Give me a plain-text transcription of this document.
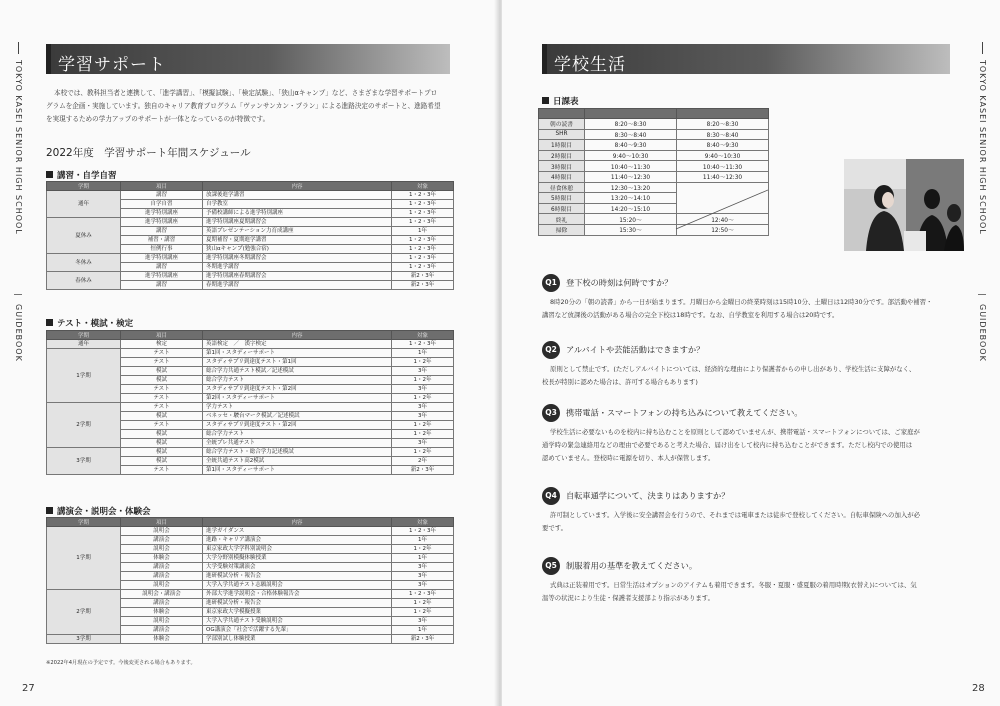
TOKYO KASEI SENIOR HIGH SCHOOL
|
GUIDEBOOK
学習サポート
本校では、教科担当者と連携して、「進学講習」、「模擬試験」、「検定試験」、「狭山αキャンプ」など、さまざまな学習サポートプロ
グラムを企画・実施しています。独自のキャリア教育プログラム「ヴァンサンカン・プラン」による進路決定のサポートと、進路希望
を実現するための学力アップのサポートが一体となっているのが特徴です。
2022年度　学習サポート年間スケジュール
講習・自学自習
学期	項目	内容	対象
通年	講習	放課後進学講習	1・2・3年
	自学自習	自学教室	1・2・3年
	進学特別講座	予備校講師による進学特別講座	1・2・3年
夏休み	進学特別講座	進学特別講座夏期講習会	1・2・3年
	講習	英語プレゼンテーション力育成講座	1年
	補習・講習	夏期補習・夏期進学講習	1・2・3年
	恒例行事	狭山αキャンプ(勉強合宿)	1・2・3年
冬休み	進学特別講座	進学特別講座冬期講習会	1・2・3年
	講習	冬期進学講習	1・2・3年
春休み	進学特別講座	進学特別講座春期講習会	新2・3年
	講習	春期進学講習	新2・3年
テスト・模試・検定
学期	項目	内容	対象
通年	検定	英語検定　／　漢字検定	1・2・3年
1学期	テスト	第1回・スタディーサポート	1年
	テスト	スタディサプリ到達度テスト・第1回	1・2年
	模試	総合学力共通テスト模試／記述模試	3年
	模試	総合学力テスト	1・2年
	テスト	スタディサプリ到達度テスト・第2回	3年
	テスト	第2回・スタディーサポート	1・2年
2学期	テスト	学力テスト	3年
	模試	ベネッセ・駿台マーク模試／記述模試	3年
	テスト	スタディサプリ到達度テスト・第2回	1・2年
	模試	総合学力テスト	1・2年
	模試	全統プレ共通テスト	3年
3学期	模試	総合学力テスト・総合学力記述模試	1・2年
	模試	全統共通テスト高2模試	2年
	テスト	第1回・スタディーサポート	新2・3年
講演会・説明会・体験会
学期	項目	内容	対象
1学期	説明会	進学ガイダンス	1・2・3年
	講演会	進路・キャリア講演会	1年
	説明会	東京家政大学学科別説明会	1・2年
	体験会	大学分野別模擬体験授業	1年
	講演会	大学受験対策講演会	3年
	講演会	進研模試分析・報告会	3年
	説明会	大学入学共通テスト志願説明会	3年
2学期	説明会・講演会	外部大学進学説明会・合格体験報告会	1・2・3年
	講演会	進研模試分析・報告会	1・2年
	体験会	東京家政大学模擬授業	1・2年
	説明会	大学入学共通テスト受験説明会	3年
	講演会	OG講演会「社会で活躍する先輩」	1年
3学期	体験会	学部別試し体験授業	新2・3年
※2022年4月現在の予定です。今後変更される場合もあります。
27
学校生活
日課表	TOKYO KASEI SENIOR HIGH SCHOOL
|
GUIDEBOOK
28

朝の読書	8:20〜8:30	8:20〜8:30
SHR	8:30〜8:40	8:30〜8:40
1時限目	8:40〜9:30	8:40〜9:30
2時限目	9:40〜10:30	9:40〜10:30
3時限目	10:40〜11:30	10:40〜11:30
4時限目	11:40〜12:30	11:40〜12:30
昼食休憩	12:30〜13:20	
5時限目	13:20〜14:10	
6時限目	14:20〜15:10	
終礼	15:20〜	12:40〜
掃除	15:30〜	12:50〜
Q1 登下校の時刻は何時ですか？
8時20分の「朝の読書」から一日が始まります。月曜日から金曜日の終業時刻は15時10分、土曜日は12時30分です。部活動や補習・
講習など放課後の活動がある場合の完全下校は18時です。なお、自学教室を利用する場合は20時です。
Q2 アルバイトや芸能活動はできますか？
原則として禁止です。(ただしアルバイトについては、経済的な理由により保護者からの申し出があり、学校生活に支障がなく、
校長が特別に認めた場合は、許可する場合もあります)
Q3 携帯電話・スマートフォンの持ち込みについて教えてください。
学校生活に必要ないものを校内に持ち込むことを原則として認めていませんが、携帯電話・スマートフォンについては、ご家庭が
通学時の緊急連絡用などの理由で必要であると考えた場合、届け出をして校内に持ち込むことができます。ただし校内での使用は
認めていません。登校時に電源を切り、本人が保管します。
Q4 自転車通学について、決まりはありますか？
許可制としています。入学後に安全講習会を行うので、それまでは電車または徒歩で登校してください。自転車保険への加入が必
要です。
Q5 制服着用の基準を教えてください。
式典は正装着用です。日常生活はオプションのアイテムも着用できます。冬服・夏服・盛夏服の着用時期(衣替え)については、気
温等の状況により生徒・保護者支援部より指示があります。
